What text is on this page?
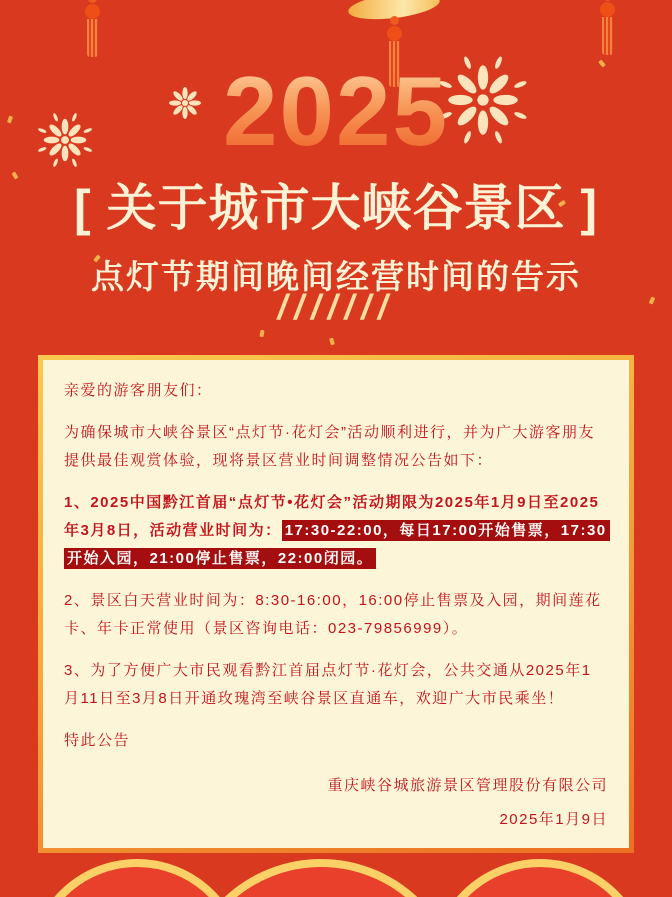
2025
[ 关于城市大峡谷景区 ]
点灯节期间晚间经营时间的告示
///////

亲爱的游客朋友们：

为确保城市大峡谷景区“点灯节·花灯会”活动顺利进行，并为广大游客朋友提供最佳观赏体验，现将景区营业时间调整情况公告如下：

1、2025中国黔江首届“点灯节•花灯会”活动期限为2025年1月9日至2025年3月8日，活动营业时间为： 17:30-22:00，每日17:00开始售票，17:30开始入园，21:00停止售票，22:00闭园。

2、景区白天营业时间为：8:30-16:00，16:00停止售票及入园，期间莲花卡、年卡正常使用（景区咨询电话：023-79856999）。

3、为了方便广大市民观看黔江首届点灯节·花灯会，公共交通从2025年1月11日至3月8日开通玫瑰湾至峡谷景区直通车，欢迎广大市民乘坐！

特此公告

重庆峡谷城旅游景区管理股份有限公司

2025年1月9日
